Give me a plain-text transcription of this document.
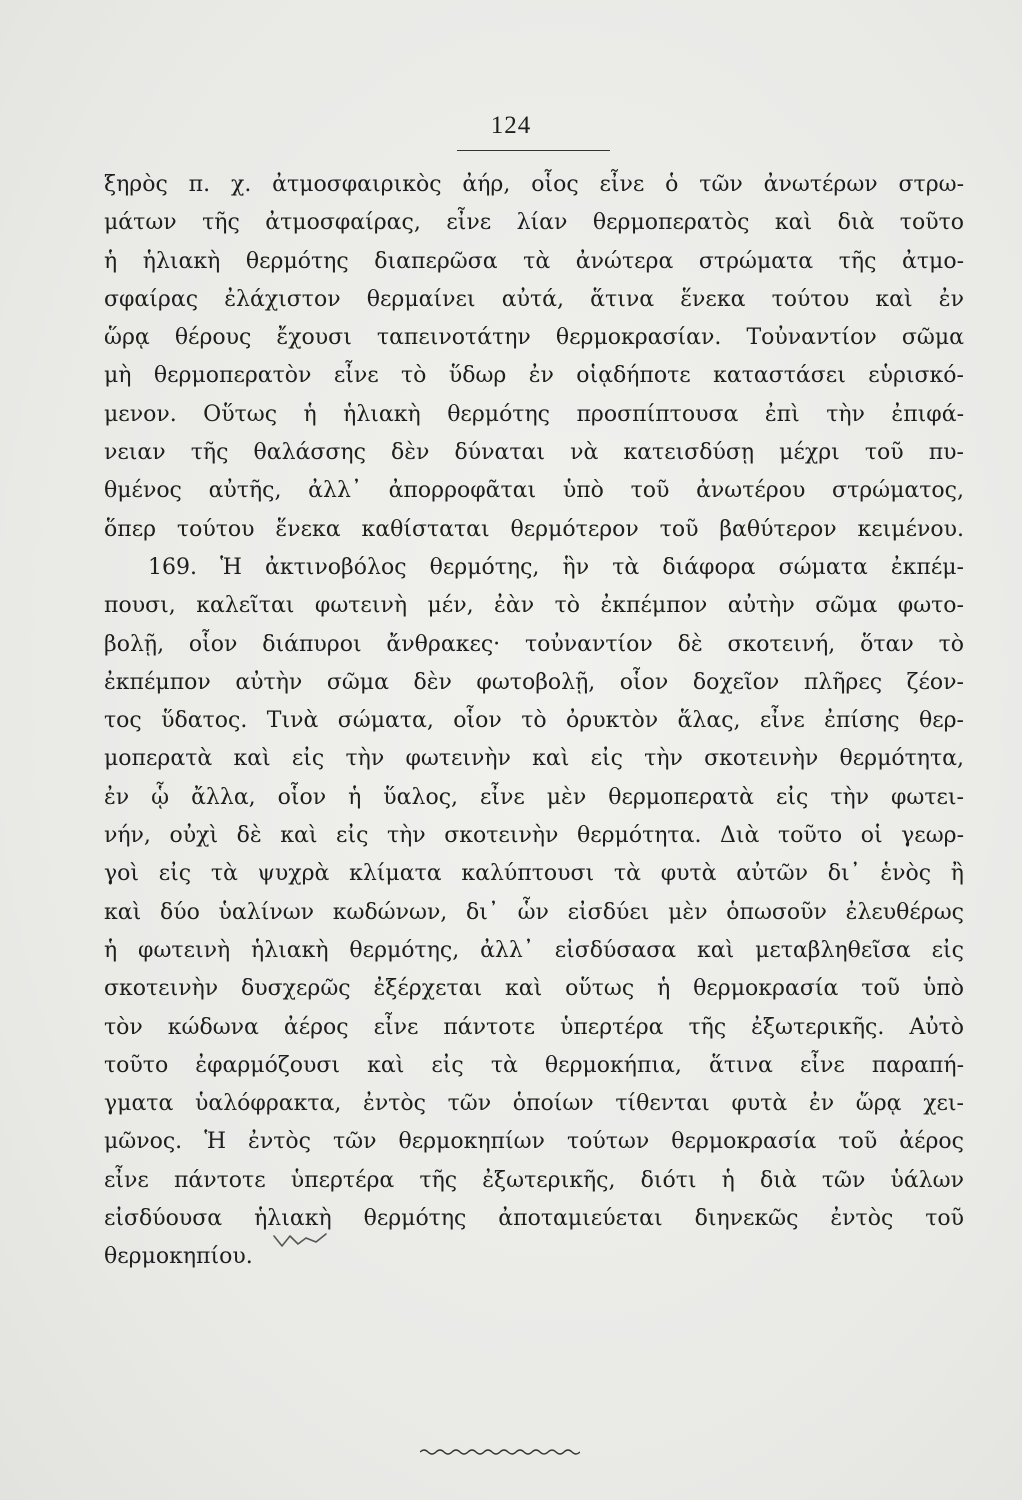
124
ξηρὸς π. χ. ἀτμοσφαιρικὸς ἀήρ, οἷος εἶνε ὁ τῶν ἀνωτέρων στρω-
μάτων τῆς ἀτμοσφαίρας, εἶνε λίαν θερμοπερατὸς καὶ διὰ τοῦτο
ἡ ἡλιακὴ θερμότης διαπερῶσα τὰ ἀνώτερα στρώματα τῆς ἀτμο-
σφαίρας ἐλάχιστον θερμαίνει αὐτά, ἅτινα ἕνεκα τούτου καὶ ἐν
ὥρᾳ θέρους ἔχουσι ταπεινοτάτην θερμοκρασίαν. Τοὐναντίον σῶμα
μὴ θερμοπερατὸν εἶνε τὸ ὕδωρ ἐν οἱᾳδήποτε καταστάσει εὑρισκό-
μενον. Οὕτως ἡ ἡλιακὴ θερμότης προσπίπτουσα ἐπὶ τὴν ἐπιφά-
νειαν τῆς θαλάσσης δὲν δύναται νὰ κατεισδύσῃ μέχρι τοῦ πυ-
θμένος αὐτῆς, ἀλλ᾿ ἀπορροφᾶται ὑπὸ τοῦ ἀνωτέρου στρώματος,
ὅπερ τούτου ἕνεκα καθίσταται θερμότερον τοῦ βαθύτερον κειμένου.
169. Ἡ ἀκτινοβόλος θερμότης, ἣν τὰ διάφορα σώματα ἐκπέμ-
πουσι, καλεῖται φωτεινὴ μέν, ἐὰν τὸ ἐκπέμπον αὐτὴν σῶμα φωτο-
βολῇ, οἷον διάπυροι ἄνθρακες· τοὐναντίον δὲ σκοτεινή, ὅταν τὸ
ἐκπέμπον αὐτὴν σῶμα δὲν φωτοβολῇ, οἷον δοχεῖον πλῆρες ζέον-
τος ὕδατος. Τινὰ σώματα, οἷον τὸ ὀρυκτὸν ἅλας, εἶνε ἐπίσης θερ-
μοπερατὰ καὶ εἰς τὴν φωτεινὴν καὶ εἰς τὴν σκοτεινὴν θερμότητα,
ἐν ᾧ ἄλλα, οἷον ἡ ὕαλος, εἶνε μὲν θερμοπερατὰ εἰς τὴν φωτει-
νήν, οὐχὶ δὲ καὶ εἰς τὴν σκοτεινὴν θερμότητα. Διὰ τοῦτο οἱ γεωρ-
γοὶ εἰς τὰ ψυχρὰ κλίματα καλύπτουσι τὰ φυτὰ αὐτῶν δι᾿ ἑνὸς ἢ
καὶ δύο ὑαλίνων κωδώνων, δι᾿ ὧν εἰσδύει μὲν ὁπωσοῦν ἐλευθέρως
ἡ φωτεινὴ ἡλιακὴ θερμότης, ἀλλ᾿ εἰσδύσασα καὶ μεταβληθεῖσα εἰς
σκοτεινὴν δυσχερῶς ἐξέρχεται καὶ οὕτως ἡ θερμοκρασία τοῦ ὑπὸ
τὸν κώδωνα ἀέρος εἶνε πάντοτε ὑπερτέρα τῆς ἐξωτερικῆς. Αὐτὸ
τοῦτο ἐφαρμόζουσι καὶ εἰς τὰ θερμοκήπια, ἅτινα εἶνε παραπή-
γματα ὑαλόφρακτα, ἐντὸς τῶν ὁποίων τίθενται φυτὰ ἐν ὥρᾳ χει-
μῶνος. Ἡ ἐντὸς τῶν θερμοκηπίων τούτων θερμοκρασία τοῦ ἀέρος
εἶνε πάντοτε ὑπερτέρα τῆς ἐξωτερικῆς, διότι ἡ διὰ τῶν ὑάλων
εἰσδύουσα ἡλιακὴ θερμότης ἀποταμιεύεται διηνεκῶς ἐντὸς τοῦ
θερμοκηπίου.
